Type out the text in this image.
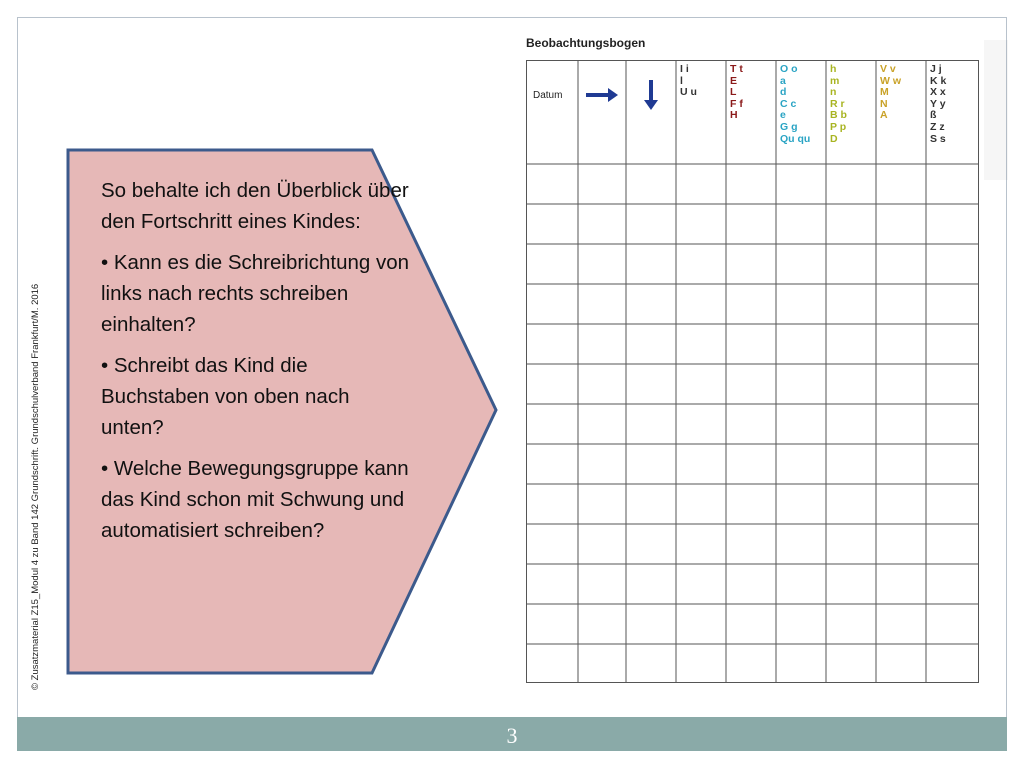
© Zusatzmaterial Z15_Modul 4 zu Band 142 Grundschrift. Grundschulverband Frankfurt/M. 2016

So behalte ich den Überblick über den Fortschritt eines Kindes:

• Kann es die Schreibrichtung von links nach rechts schreiben einhalten?

• Schreibt das Kind die Buchstaben von oben nach unten?

• Welche Bewegungsgruppe kann das Kind schon mit Schwung und automatisiert schreiben?

Beobachtungsbogen
Datum
I i
l
U u
T t
E
L
F f
H
O o
a
d
C c
e
G g
Qu qu
h
m
n
R r
B b
P p
D
V v
W w
M
N
A
J j
K k
X x
Y y
ß
Z z
S s
3
